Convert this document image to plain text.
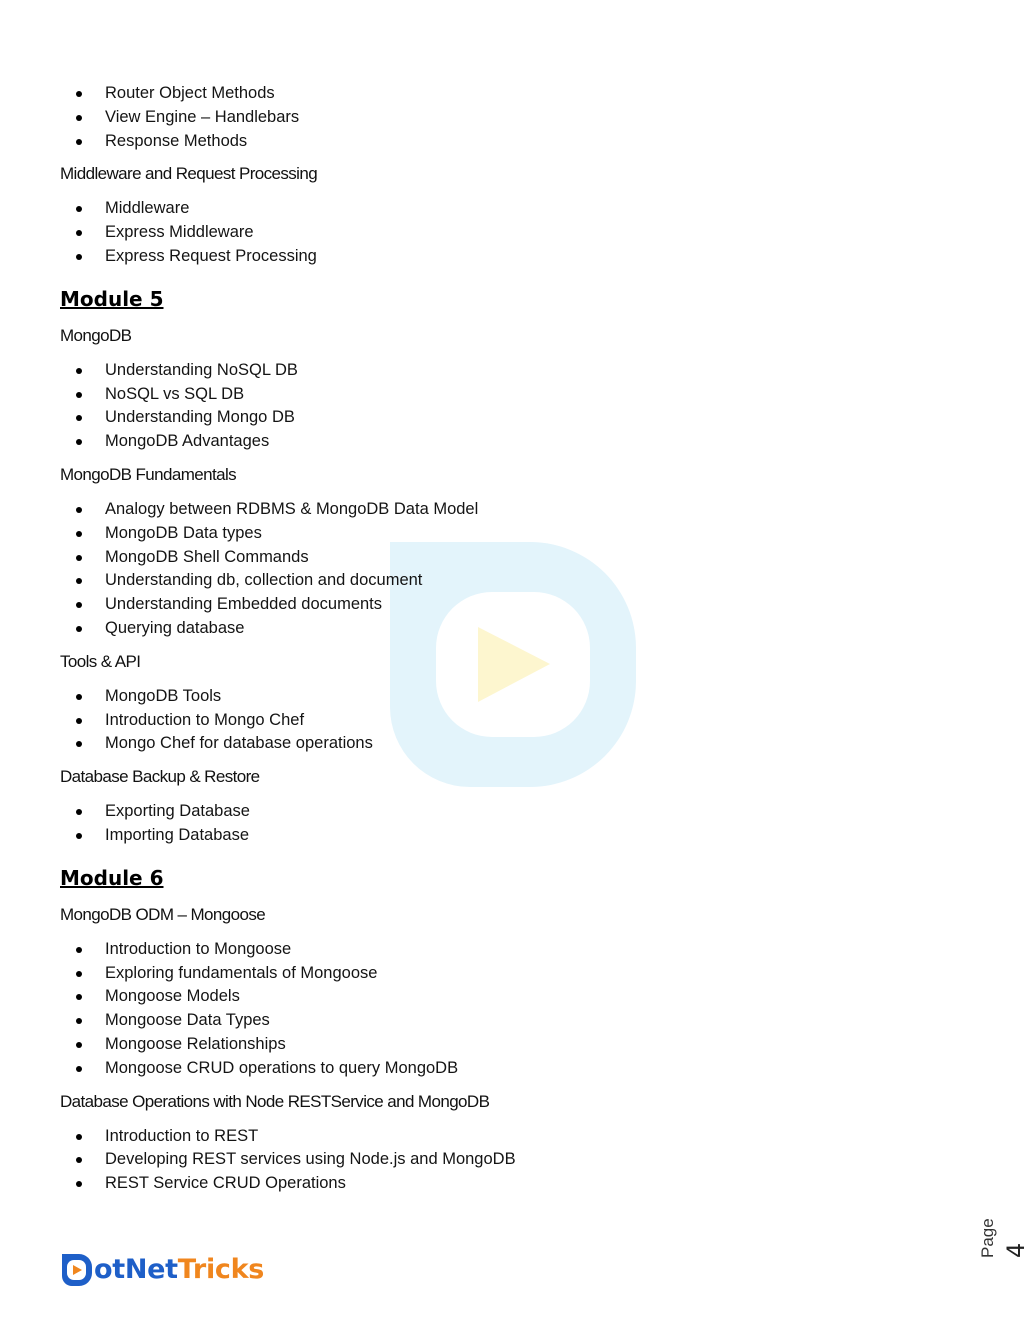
Router Object Methods
View Engine – Handlebars
Response Methods
Middleware and Request Processing
Middleware
Express Middleware
Express Request Processing
Module 5
MongoDB
Understanding NoSQL DB
NoSQL vs SQL DB
Understanding Mongo DB
MongoDB Advantages
MongoDB Fundamentals
Analogy between RDBMS & MongoDB Data Model
MongoDB Data types
MongoDB Shell Commands
Understanding db, collection and document
Understanding Embedded documents
Querying database
Tools & API
MongoDB Tools
Introduction to Mongo Chef
Mongo Chef for database operations
Database Backup & Restore
Exporting Database
Importing Database
Module 6
MongoDB ODM – Mongoose
Introduction to Mongoose
Exploring fundamentals of Mongoose
Mongoose Models
Mongoose Data Types
Mongoose Relationships
Mongoose CRUD operations to query MongoDB
Database Operations with Node RESTService and MongoDB
Introduction to REST
Developing REST services using Node.js and MongoDB
REST Service CRUD Operations
otNetTricks
Page 4
